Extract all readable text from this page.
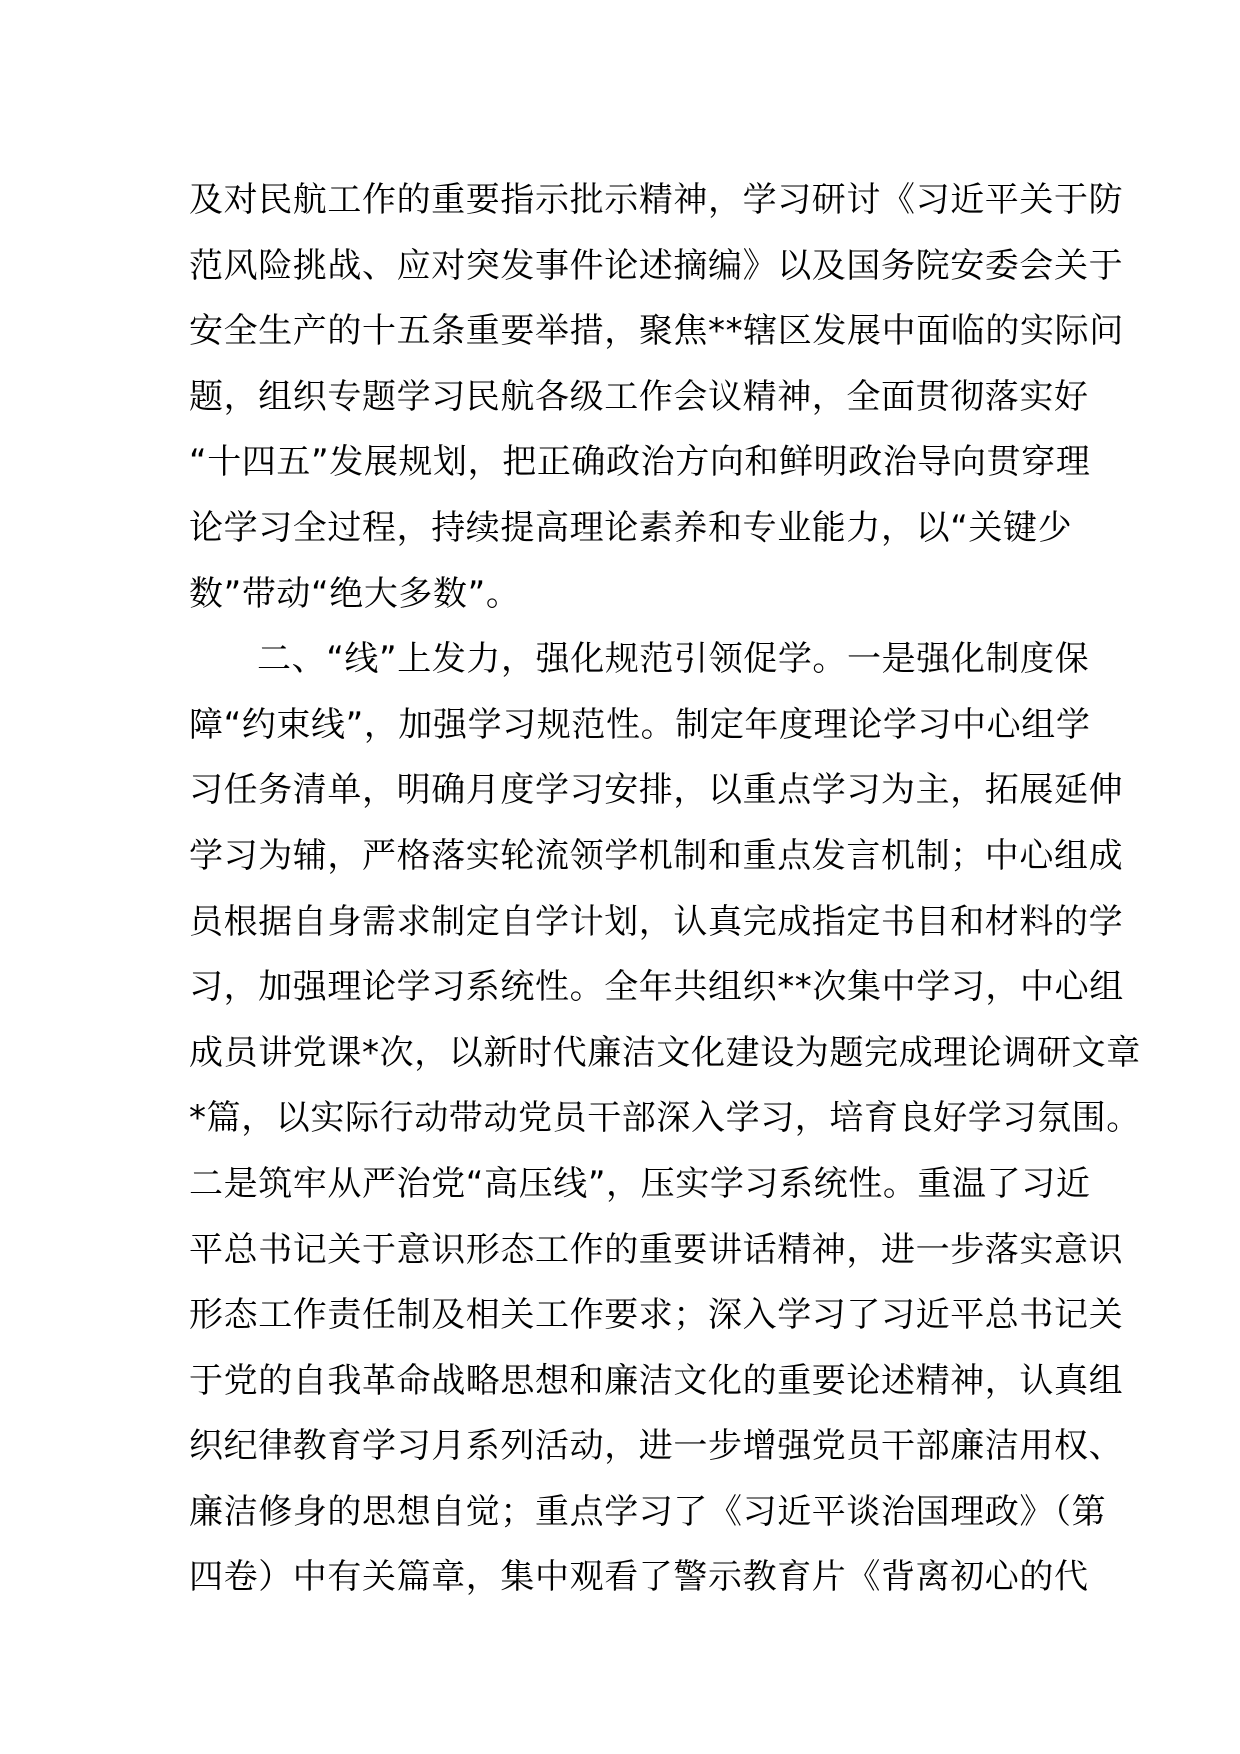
及对民航工作的重要指示批示精神，学习研讨《习近平关于防
范风险挑战、应对突发事件论述摘编》以及国务院安委会关于
安全生产的十五条重要举措，聚焦**辖区发展中面临的实际问
题，组织专题学习民航各级工作会议精神，全面贯彻落实好
“十四五”发展规划，把正确政治方向和鲜明政治导向贯穿理
论学习全过程，持续提高理论素养和专业能力，以“关键少
数”带动“绝大多数”。
二、“线”上发力，强化规范引领促学。一是强化制度保
障“约束线”，加强学习规范性。制定年度理论学习中心组学
习任务清单，明确月度学习安排，以重点学习为主，拓展延伸
学习为辅，严格落实轮流领学机制和重点发言机制；中心组成
员根据自身需求制定自学计划，认真完成指定书目和材料的学
习，加强理论学习系统性。全年共组织**次集中学习，中心组
成员讲党课*次，以新时代廉洁文化建设为题完成理论调研文章
*篇，以实际行动带动党员干部深入学习，培育良好学习氛围。
二是筑牢从严治党“高压线”，压实学习系统性。重温了习近
平总书记关于意识形态工作的重要讲话精神，进一步落实意识
形态工作责任制及相关工作要求；深入学习了习近平总书记关
于党的自我革命战略思想和廉洁文化的重要论述精神，认真组
织纪律教育学习月系列活动，进一步增强党员干部廉洁用权、
廉洁修身的思想自觉；重点学习了《习近平谈治国理政》（第
四卷）中有关篇章，集中观看了警示教育片《背离初心的代
